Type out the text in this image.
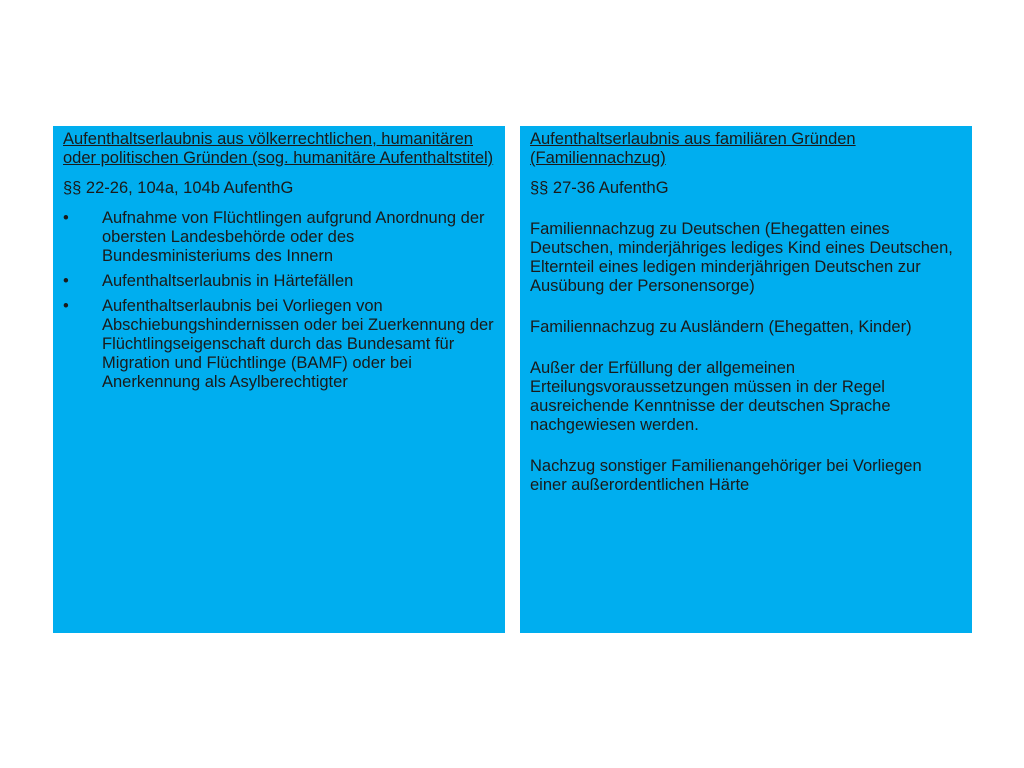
Aufenthaltserlaubnis aus völkerrechtlichen, humanitären oder politischen Gründen (sog. humanitäre Aufenthaltstitel)
§§ 22-26, 104a, 104b AufenthG
•	Aufnahme von Flüchtlingen aufgrund Anordnung der obersten Landesbehörde oder des Bundesministeriums des Innern
•	Aufenthaltserlaubnis in Härtefällen
•	Aufenthaltserlaubnis bei Vorliegen von Abschiebungshindernissen oder bei Zuerkennung der Flüchtlingseigenschaft durch das Bundesamt für Migration und Flüchtlinge (BAMF) oder bei Anerkennung als Asylberechtigter
Aufenthaltserlaubnis aus familiären Gründen (Familiennachzug)
§§ 27-36 AufenthG
Familiennachzug zu Deutschen (Ehegatten eines Deutschen, minderjähriges lediges Kind eines Deutschen, Elternteil eines ledigen minderjährigen Deutschen zur Ausübung der Personensorge)
Familiennachzug zu Ausländern (Ehegatten, Kinder)
Außer der Erfüllung der allgemeinen Erteilungsvoraussetzungen müssen in der Regel ausreichende Kenntnisse der deutschen Sprache nachgewiesen werden.
Nachzug sonstiger Familienangehöriger bei Vorliegen einer außerordentlichen Härte
